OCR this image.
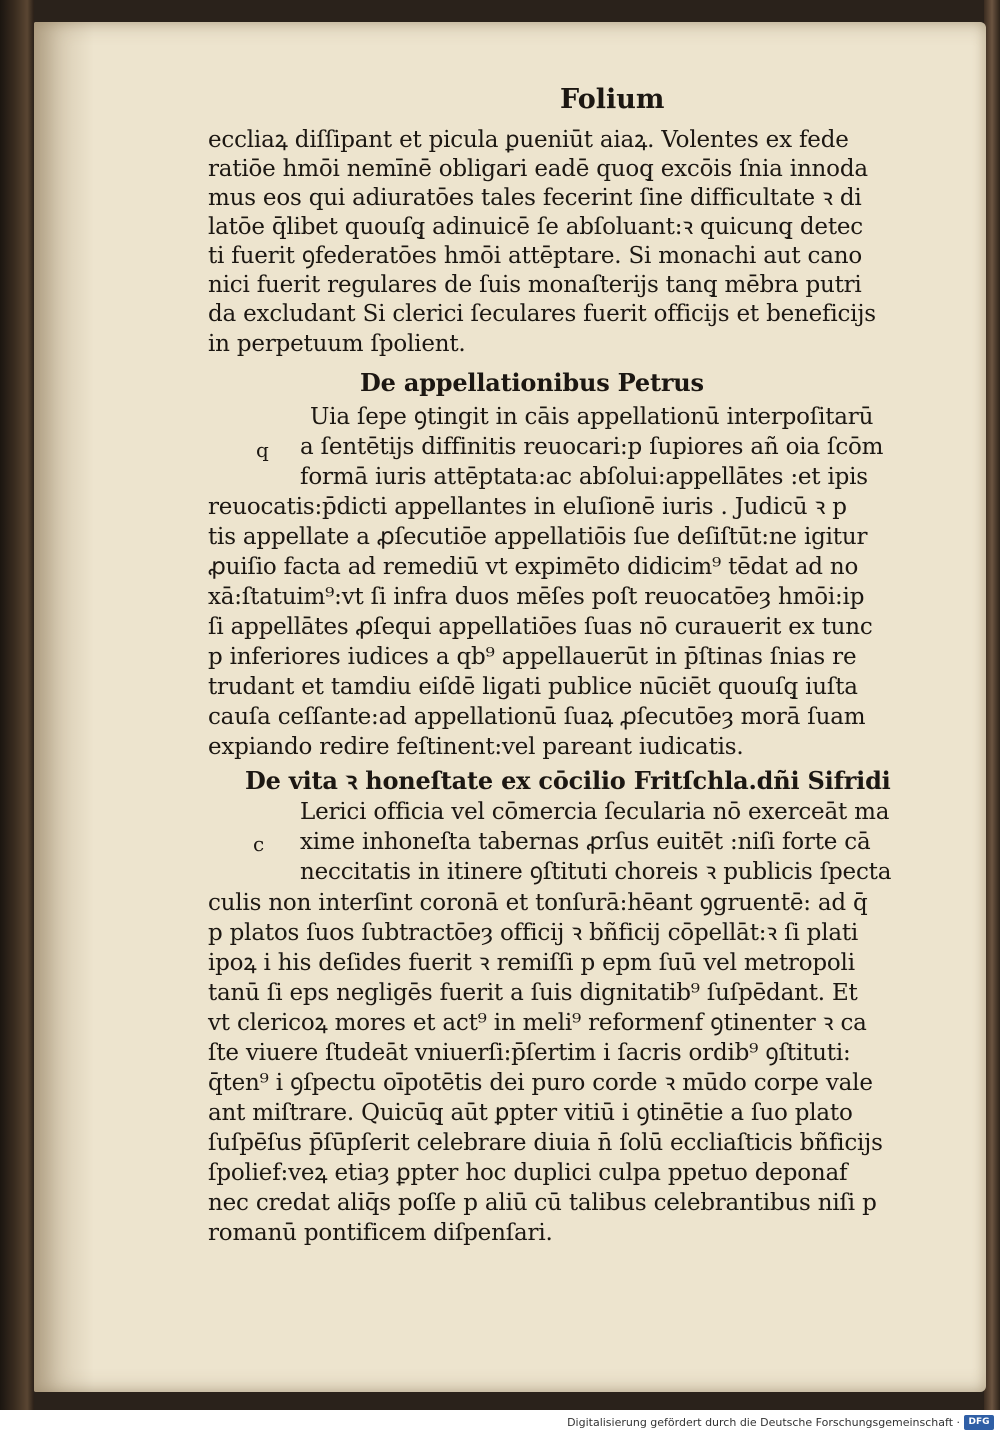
Folium
q
c
eccliaꝝ diſſipant et picula ꝑueniūt aiaꝝ. Volentes ex fede
ratiōe hmōi nemīnē obligari eadē quoq̧ excōis ſnia innoda
mus eos qui adiuratōes tales fecerint ſine difficultate ꝛ di
latōe q̄libet quouſq̧ adinuicē ſe abſoluant:ꝛ quicunq̧ detec
ti fuerit ꝯfederatōes hmōi attēptare. Si monachi aut cano
nici fuerit regulares de ſuis monaſterijs tanq̧ mēbra putri
da excludant Si clerici ſeculares fuerit officijs et beneficijs
in perpetuum ſpolient.
De appellationibus Petrus
Uia ſepe ꝯtingit in cāis appellationū interpoſitarū
a ſentētijs diffinitis reuocari:p ſupiores añ oia ſcōm
formā iuris attēptata:ac abſolui:appellātes :et ipis
reuocatis:p̄dicti appellantes in eluſionē iuris . Judicū ꝛ p
tis appellate a ꝓſecutiōe appellatiōis ſue deſiſtūt:ne igitur
ꝓuiſio facta ad remediū vt expimēto didicim⁹ tēdat ad no
xā:ſtatuim⁹:vt ſi infra duos mēſes poſt reuocatōeȝ hmōi:ip
ſi appellātes ꝓſequi appellatiōes ſuas nō curauerit ex tunc
p inferiores iudices a qb⁹ appellauerūt in p̄ſtinas ſnias re
trudant et tamdiu eiſdē ligati publice nūciēt quouſq̧ iuſta
cauſa ceſſante:ad appellationū ſuaꝝ ꝓſecutōeȝ morā ſuam
expiando redire feſtinent:vel pareant iudicatis.
De vita ꝛ honeſtate ex cōcilio Fritſchla.dñi Sifridi
Lerici officia vel cōmercia ſecularia nō exerceāt ma
xime inhoneſta tabernas ꝓrſus euitēt :niſi forte cā
neccitatis in itinere ꝯſtituti choreis ꝛ publicis ſpecta
culis non interſint coronā et tonſurā:hēant ꝯgruentē: ad q̄
p platos ſuos ſubtractōeȝ officij ꝛ bñficij cōpellāt:ꝛ ſi plati
ipoꝝ i his deſides fuerit ꝛ remiſſi p epm ſuū vel metropoli
tanū ſi eps negligēs fuerit a ſuis dignitatib⁹ ſuſpēdant. Et
vt clericoꝝ mores et act⁹ in meli⁹ reformenf ꝯtinenter ꝛ ca
ſte viuere ſtudeāt vniuerſi:p̄ſertim i ſacris ordib⁹ ꝯſtituti:
q̄ten⁹ i ꝯſpectu oīpotētis dei puro corde ꝛ mūdo corpe vale
ant miſtrare. Quicūq̧ aūt ꝑpter vitiū i ꝯtinētie a ſuo plato
ſuſpēſus p̄ſūpſerit celebrare diuia n̄ ſolū eccliaſticis bñficijs
ſpolief:veꝝ etiaȝ ꝑpter hoc duplici culpa ppetuo deponaf
nec credat aliq̄s poſſe p aliū cū talibus celebrantibus niſi p
romanū pontificem diſpenſari.
Digitalisierung gefördert durch die Deutsche Forschungsgemeinschaft · DFG
